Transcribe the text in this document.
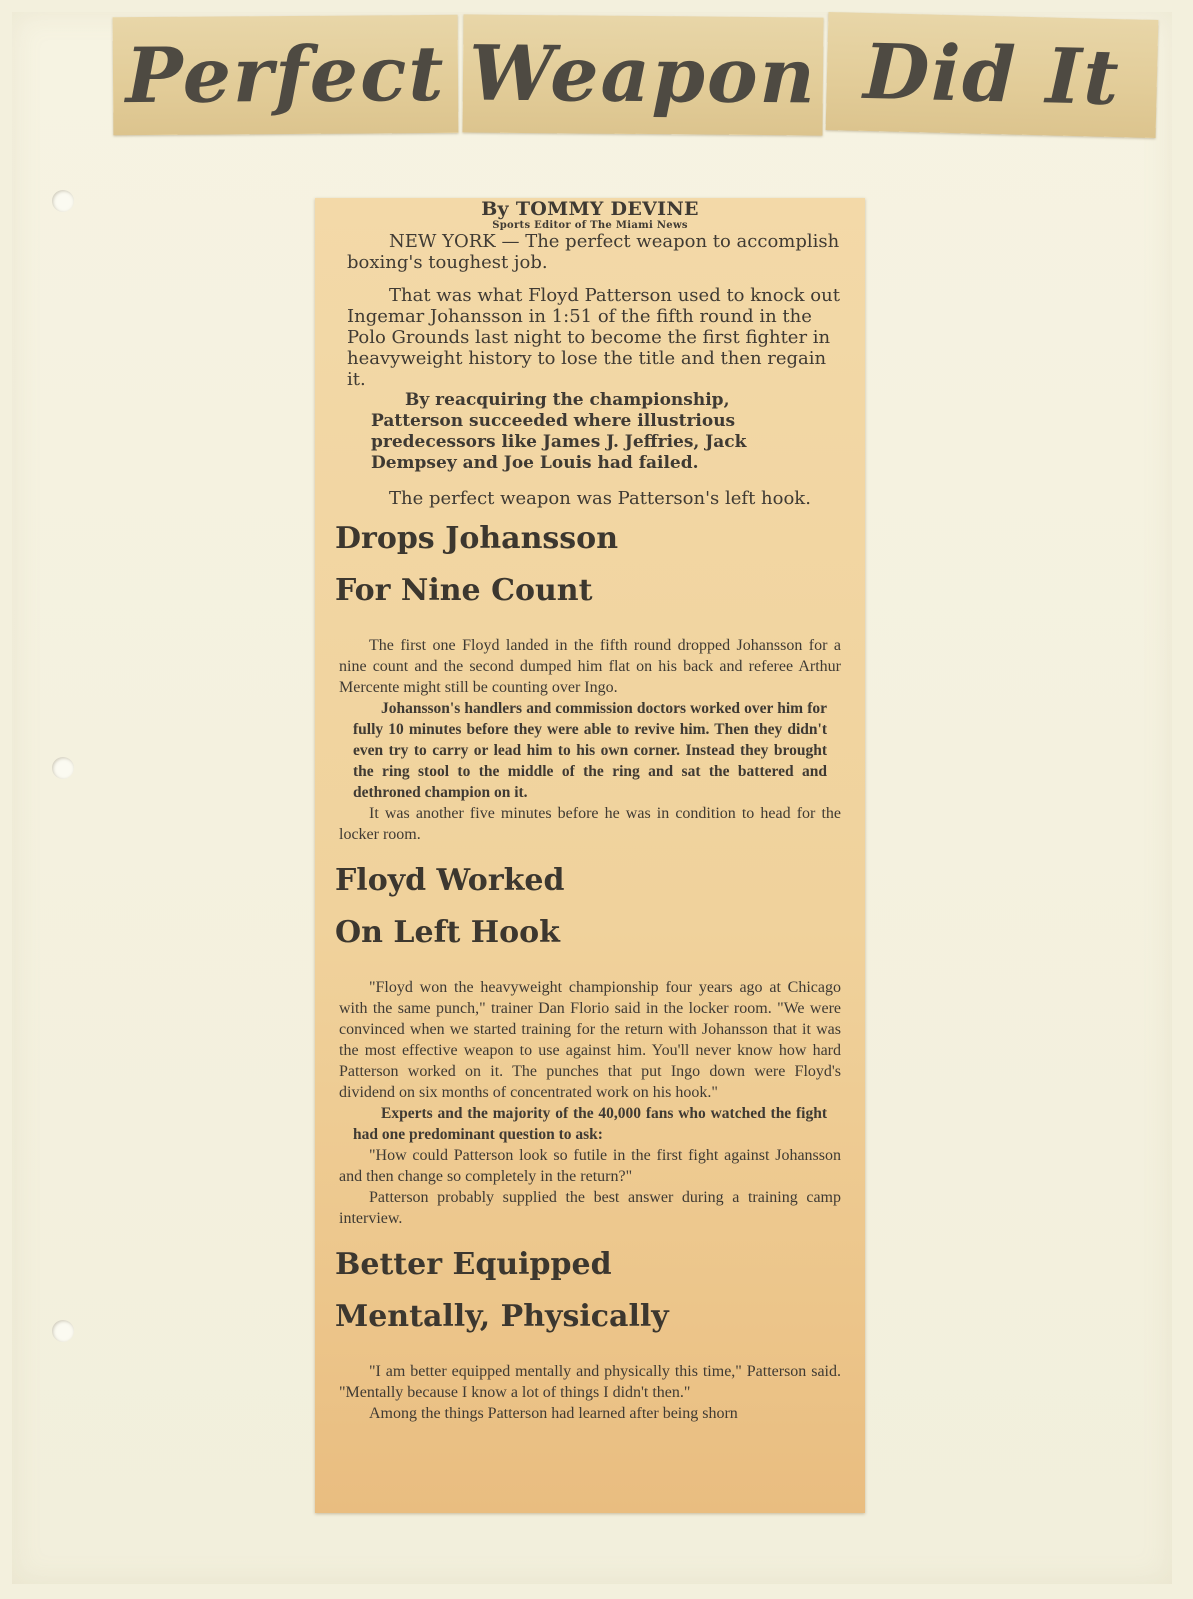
Perfect Weapon Did It

By TOMMY DEVINE

Sports Editor of The Miami News

NEW YORK — The perfect weapon to accomplish boxing's toughest job.

That was what Floyd Patterson used to knock out Ingemar Johansson in 1:51 of the fifth round in the Polo Grounds last night to become the first fighter in heavyweight history to lose the title and then regain it.

By reacquiring the championship, Patterson succeeded where illustrious predecessors like James J. Jeffries, Jack Dempsey and Joe Louis had failed.

The perfect weapon was Patterson's left hook.

Drops Johansson

For Nine Count

The first one Floyd landed in the fifth round dropped Johansson for a nine count and the second dumped him flat on his back and referee Arthur Mercente might still be counting over Ingo.

Johansson's handlers and commission doctors worked over him for fully 10 minutes before they were able to revive him. Then they didn't even try to carry or lead him to his own corner. Instead they brought the ring stool to the middle of the ring and sat the battered and dethroned champion on it.

It was another five minutes before he was in condition to head for the locker room.

Floyd Worked

On Left Hook

"Floyd won the heavyweight championship four years ago at Chicago with the same punch," trainer Dan Florio said in the locker room. "We were convinced when we started training for the return with Johansson that it was the most effective weapon to use against him. You'll never know how hard Patterson worked on it. The punches that put Ingo down were Floyd's dividend on six months of concentrated work on his hook."

Experts and the majority of the 40,000 fans who watched the fight had one predominant question to ask:

"How could Patterson look so futile in the first fight against Johansson and then change so completely in the return?"

Patterson probably supplied the best answer during a training camp interview.

Better Equipped

Mentally, Physically

"I am better equipped mentally and physically this time," Patterson said. "Mentally because I know a lot of things I didn't then."

Among the things Patterson had learned after being shorn
